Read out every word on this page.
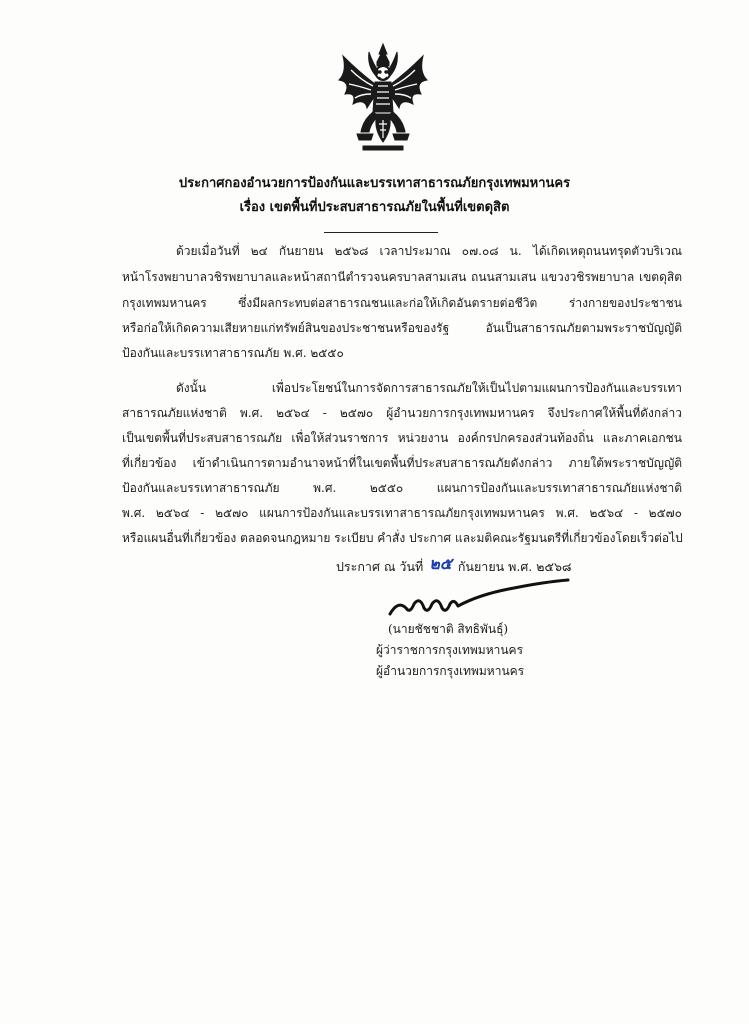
ประกาศกองอำนวยการป้องกันและบรรเทาสาธารณภัยกรุงเทพมหานคร
เรื่อง เขตพื้นที่ประสบสาธารณภัยในพื้นที่เขตดุสิต
ด้วยเมื่อวันที่ ๒๔ กันยายน ๒๕๖๘ เวลาประมาณ ๐๗.๐๘ น. ได้เกิดเหตุถนนทรุดตัวบริเวณ
หน้าโรงพยาบาลวชิรพยาบาลและหน้าสถานีตำรวจนครบาลสามเสน ถนนสามเสน แขวงวชิรพยาบาล เขตดุสิต
กรุงเทพมหานคร ซึ่งมีผลกระทบต่อสาธารณชนและก่อให้เกิดอันตรายต่อชีวิต ร่างกายของประชาชน
หรือก่อให้เกิดความเสียหายแก่ทรัพย์สินของประชาชนหรือของรัฐ อันเป็นสาธารณภัยตามพระราชบัญญัติ
ป้องกันและบรรเทาสาธารณภัย พ.ศ. ๒๕๕๐
ดังนั้น เพื่อประโยชน์ในการจัดการสาธารณภัยให้เป็นไปตามแผนการป้องกันและบรรเทา
สาธารณภัยแห่งชาติ พ.ศ. ๒๕๖๔ - ๒๕๗๐ ผู้อำนวยการกรุงเทพมหานคร จึงประกาศให้พื้นที่ดังกล่าว
เป็นเขตพื้นที่ประสบสาธารณภัย เพื่อให้ส่วนราชการ หน่วยงาน องค์กรปกครองส่วนท้องถิ่น และภาคเอกชน
ที่เกี่ยวข้อง เข้าดำเนินการตามอำนาจหน้าที่ในเขตพื้นที่ประสบสาธารณภัยดังกล่าว ภายใต้พระราชบัญญัติ
ป้องกันและบรรเทาสาธารณภัย พ.ศ. ๒๕๕๐ แผนการป้องกันและบรรเทาสาธารณภัยแห่งชาติ
พ.ศ. ๒๕๖๔ - ๒๕๗๐ แผนการป้องกันและบรรเทาสาธารณภัยกรุงเทพมหานคร พ.ศ. ๒๕๖๔ - ๒๕๗๐
หรือแผนอื่นที่เกี่ยวข้อง ตลอดจนกฎหมาย ระเบียบ คำสั่ง ประกาศ และมติคณะรัฐมนตรีที่เกี่ยวข้องโดยเร็วต่อไป
ประกาศ ณ วันที่ ๒๕ กันยายน พ.ศ. ๒๕๖๘
(นายชัชชาติ สิทธิพันธุ์)
ผู้ว่าราชการกรุงเทพมหานคร
ผู้อำนวยการกรุงเทพมหานคร
